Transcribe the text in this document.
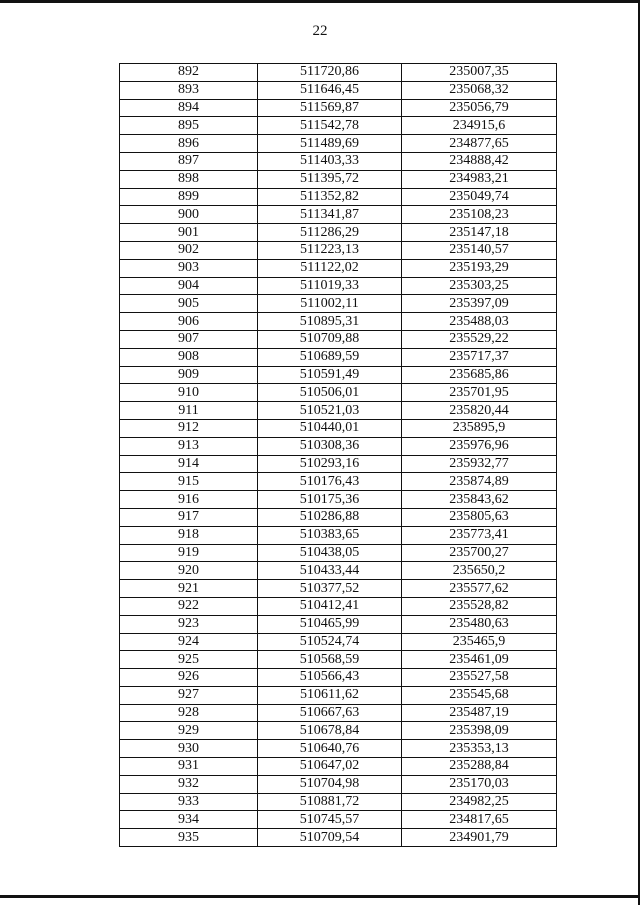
22
892	511720,86	235007,35
893	511646,45	235068,32
894	511569,87	235056,79
895	511542,78	234915,6
896	511489,69	234877,65
897	511403,33	234888,42
898	511395,72	234983,21
899	511352,82	235049,74
900	511341,87	235108,23
901	511286,29	235147,18
902	511223,13	235140,57
903	511122,02	235193,29
904	511019,33	235303,25
905	511002,11	235397,09
906	510895,31	235488,03
907	510709,88	235529,22
908	510689,59	235717,37
909	510591,49	235685,86
910	510506,01	235701,95
911	510521,03	235820,44
912	510440,01	235895,9
913	510308,36	235976,96
914	510293,16	235932,77
915	510176,43	235874,89
916	510175,36	235843,62
917	510286,88	235805,63
918	510383,65	235773,41
919	510438,05	235700,27
920	510433,44	235650,2
921	510377,52	235577,62
922	510412,41	235528,82
923	510465,99	235480,63
924	510524,74	235465,9
925	510568,59	235461,09
926	510566,43	235527,58
927	510611,62	235545,68
928	510667,63	235487,19
929	510678,84	235398,09
930	510640,76	235353,13
931	510647,02	235288,84
932	510704,98	235170,03
933	510881,72	234982,25
934	510745,57	234817,65
935	510709,54	234901,79
